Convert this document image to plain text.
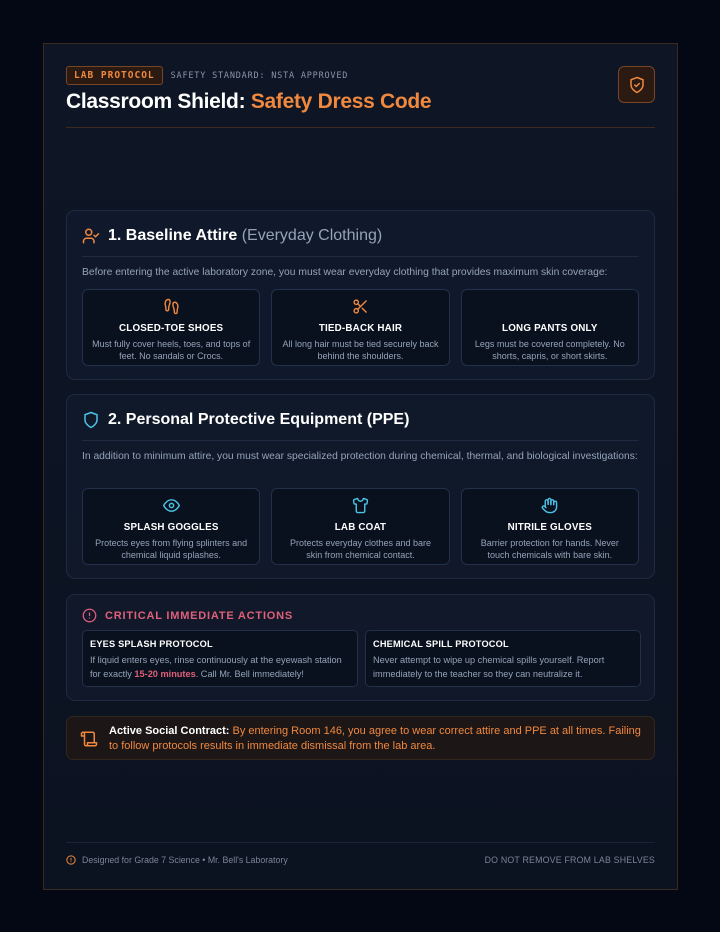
LAB PROTOCOL	SAFETY STANDARD: NSTA APPROVED
Classroom Shield: Safety Dress Code
1. Baseline Attire (Everyday Clothing)
Before entering the active laboratory zone, you must wear everyday clothing that provides maximum skin coverage:
CLOSED-TOE SHOES
Must fully cover heels, toes, and tops of feet. No sandals or Crocs.
TIED-BACK HAIR
All long hair must be tied securely back behind the shoulders.
LONG PANTS ONLY
Legs must be covered completely. No shorts, capris, or short skirts.
2. Personal Protective Equipment (PPE)
In addition to minimum attire, you must wear specialized protection during chemical, thermal, and biological investigations:
SPLASH GOGGLES
Protects eyes from flying splinters and chemical liquid splashes.
LAB COAT
Protects everyday clothes and bare skin from chemical contact.
NITRILE GLOVES
Barrier protection for hands. Never touch chemicals with bare skin.
CRITICAL IMMEDIATE ACTIONS
EYES SPLASH PROTOCOL
If liquid enters eyes, rinse continuously at the eyewash station for exactly 15-20 minutes. Call Mr. Bell immediately!
CHEMICAL SPILL PROTOCOL
Never attempt to wipe up chemical spills yourself. Report immediately to the teacher so they can neutralize it.
Active Social Contract: By entering Room 146, you agree to wear correct attire and PPE at all times. Failing to follow protocols results in immediate dismissal from the lab area.
Designed for Grade 7 Science • Mr. Bell's Laboratory	DO NOT REMOVE FROM LAB SHELVES
